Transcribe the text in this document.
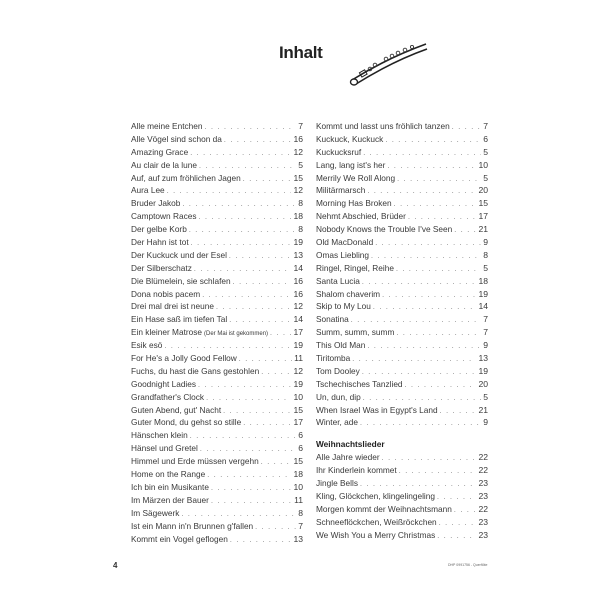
Inhalt
Alle meine Entchen . . .	7
Alle Vögel sind schon da . . .	16
Amazing Grace . . .	12
Au clair de la lune . . .	5
Auf, auf zum fröhlichen Jagen . . .	15
Aura Lee . . .	12
Bruder Jakob . . .	8
Camptown Races . . .	18
Der gelbe Korb . . .	8
Der Hahn ist tot . . .	19
Der Kuckuck und der Esel . . .	13
Der Silberschatz . . .	14
Die Blümelein, sie schlafen . . .	16
Dona nobis pacem . . .	16
Drei mal drei ist neune . . .	12
Ein Hase saß im tiefen Tal . . .	14
Ein kleiner Matrose (Der Mai ist gekommen) . . .	17
Esik esö . . .	19
For He's a Jolly Good Fellow . . .	11
Fuchs, du hast die Gans gestohlen . . .	12
Goodnight Ladies . . .	19
Grandfather's Clock . . .	10
Guten Abend, gut' Nacht . . .	15
Guter Mond, du gehst so stille . . .	17
Hänschen klein . . .	6
Hänsel und Gretel . . .	6
Himmel und Erde müssen vergehn . . .	15
Home on the Range . . .	18
Ich bin ein Musikante . . .	10
Im Märzen der Bauer . . .	11
Im Sägewerk . . .	8
Ist ein Mann in'n Brunnen g'fallen . . .	7
Kommt ein Vogel geflogen . . .	13
Kommt und lasst uns fröhlich tanzen . . .	7
Kuckuck, Kuckuck . . .	6
Kuckucksruf . . .	5
Lang, lang ist's her . . .	10
Merrily We Roll Along . . .	5
Militärmarsch . . .	20
Morning Has Broken . . .	15
Nehmt Abschied, Brüder . . .	17
Nobody Knows the Trouble I've Seen . . .	21
Old MacDonald . . .	9
Omas Liebling . . .	8
Ringel, Ringel, Reihe . . .	5
Santa Lucia . . .	18
Shalom chaverim . . .	19
Skip to My Lou . . .	14
Sonatina . . .	7
Summ, summ, summ . . .	7
This Old Man . . .	9
Tiritomba . . .	13
Tom Dooley . . .	19
Tschechisches Tanzlied . . .	20
Un, dun, dip . . .	5
When Israel Was in Egypt's Land . . .	21
Winter, ade . . .	9
Weihnachtslieder
Alle Jahre wieder . . .	22
Ihr Kinderlein kommet . . .	22
Jingle Bells . . .	23
Kling, Glöckchen, klingelingeling . . .	23
Morgen kommt der Weihnachtsmann . . .	22
Schneeflöckchen, Weißröckchen . . .	23
We Wish You a Merry Christmas . . .	23
4	DHP 0991756 - Querflöte
